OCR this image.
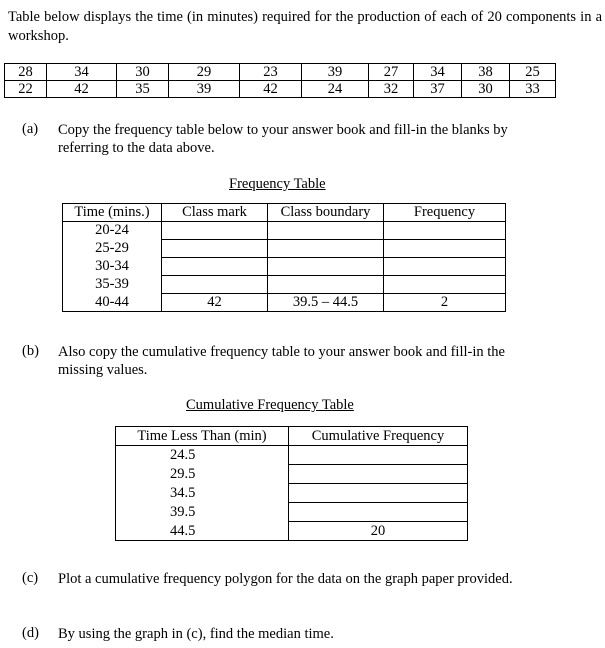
Table below displays the time (in minutes) required for the production of each of 20 components in a workshop.
28	34	30	29	23	39	27	34	38	25
22	42	35	39	42	24	32	37	30	33
(a)	Copy the frequency table below to your answer book and fill-in the blanks by referring to the data above.
Frequency Table
Time (mins.)	Class mark	Class boundary	Frequency
20-24			
25-29			
30-34			
35-39			
40-44	42	39.5 – 44.5	2
(b)	Also copy the cumulative frequency table to your answer book and fill-in the missing values.
Cumulative Frequency Table
Time Less Than (min)	Cumulative Frequency
24.5	
29.5	
34.5	
39.5	
44.5	20
(c)	Plot a cumulative frequency polygon for the data on the graph paper provided.
(d)	By using the graph in (c), find the median time.
